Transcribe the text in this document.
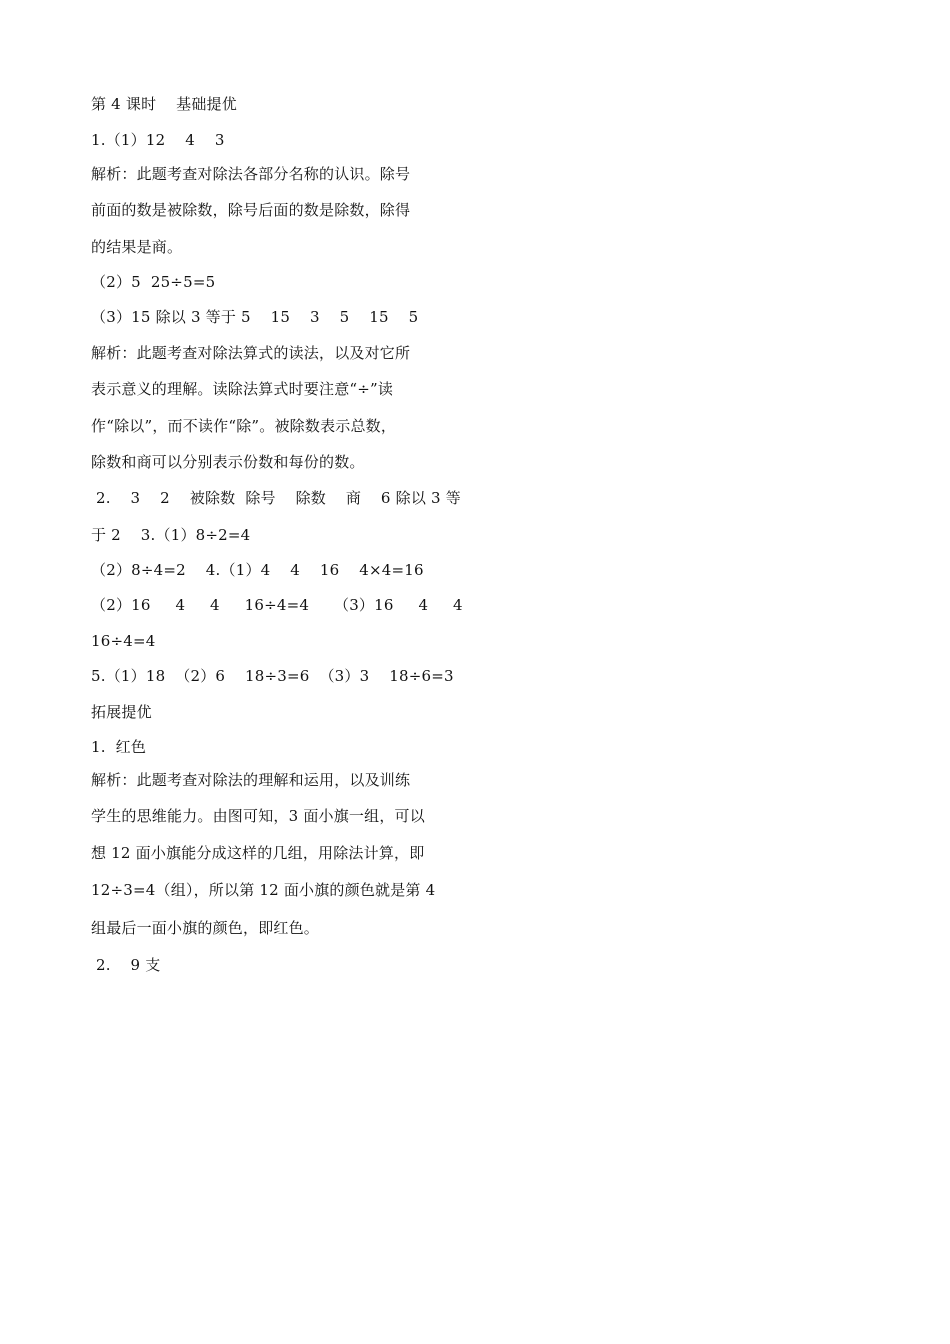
第 4 课时    基础提优
1.（1）12    4    3
解析：此题考查对除法各部分名称的认识。除号
前面的数是被除数，除号后面的数是除数，除得
的结果是商。
（2）5  25÷5=5
（3）15 除以 3 等于 5    15    3    5    15    5
解析：此题考查对除法算式的读法，以及对它所
表示意义的理解。读除法算式时要注意“÷”读
作“除以”，而不读作“除”。被除数表示总数，
除数和商可以分别表示份数和每份的数。
2.    3    2    被除数  除号    除数    商    6 除以 3 等
于 2    3.（1）8÷2=4
（2）8÷4=2    4.（1）4    4    16    4×4=16
（2）16     4     4     16÷4=4     （3）16     4     4
16÷4=4
5.（1）18  （2）6    18÷3=6  （3）3    18÷6=3
拓展提优
1.  红色
解析：此题考查对除法的理解和运用，以及训练
学生的思维能力。由图可知，3 面小旗一组，可以
想 12 面小旗能分成这样的几组，用除法计算，即
12÷3=4（组），所以第 12 面小旗的颜色就是第 4
组最后一面小旗的颜色，即红色。
2.    9 支
